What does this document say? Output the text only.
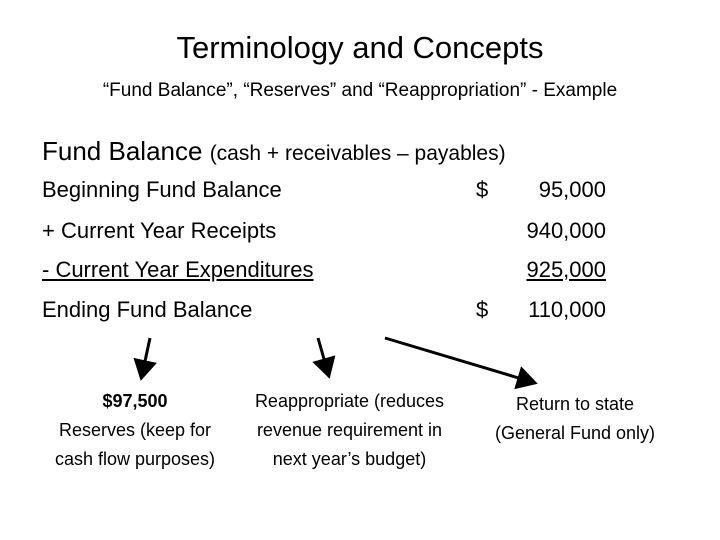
Terminology and Concepts
“Fund Balance”, “Reserves” and “Reappropriation” - Example
Fund Balance (cash + receivables – payables)
Beginning Fund Balance	$ 95,000
+ Current Year Receipts	940,000
- Current Year Expenditures	925,000
Ending Fund Balance	$ 110,000
$97,500
Reserves (keep for cash flow purposes)
Reappropriate (reduces revenue requirement in next year’s budget)
Return to state (General Fund only)
